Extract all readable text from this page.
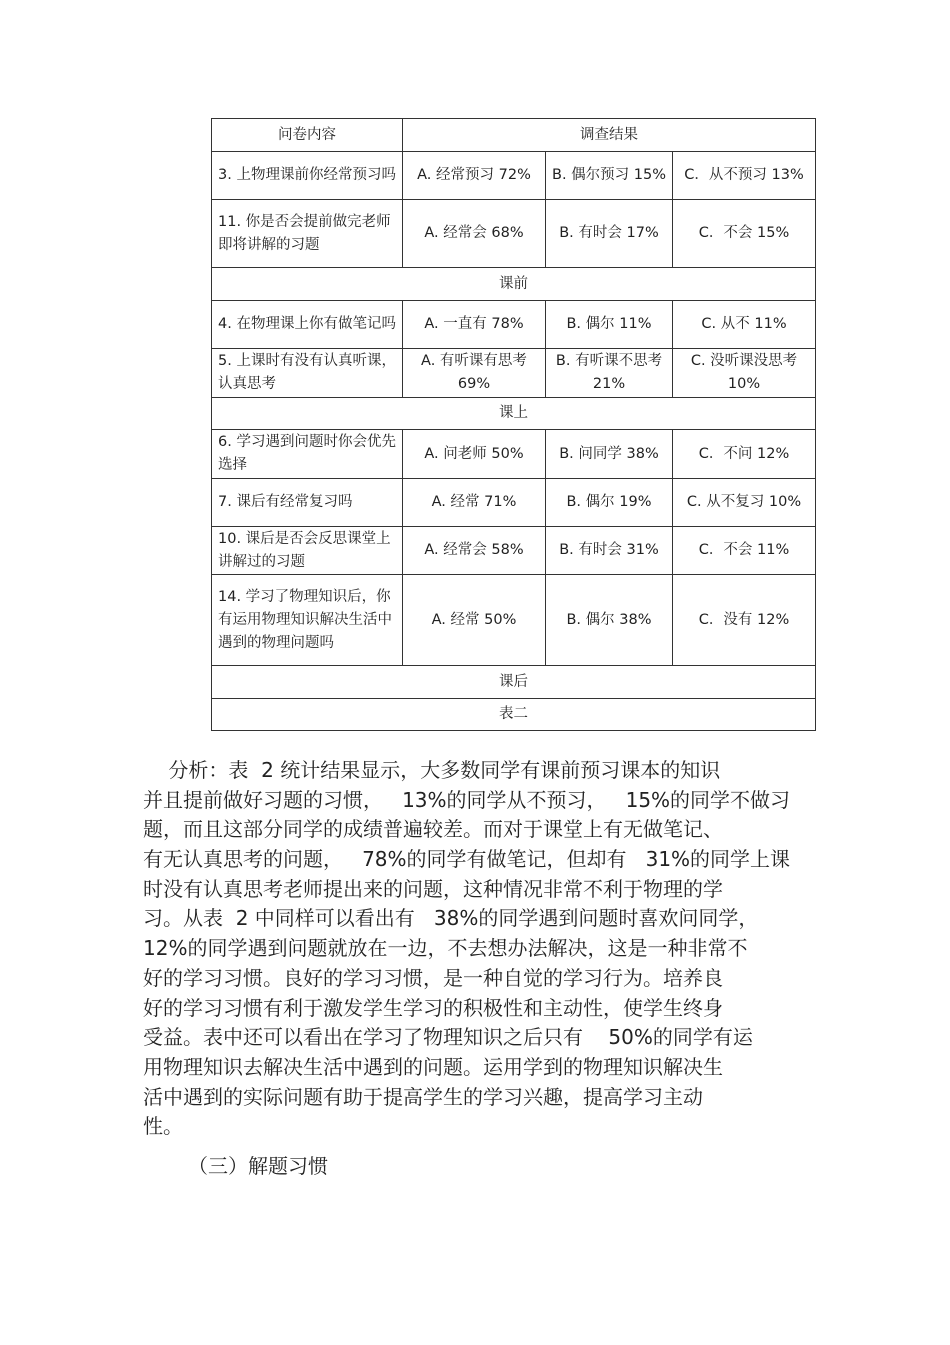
问卷内容	调查结果		
3. 上物理课前你经常预习吗	A. 经常预习 72%	B. 偶尔预习 15%	C．从不预习 13%
11. 你是否会提前做完老师即将讲解的习题	A. 经常会 68%	B. 有时会 17%	C．不会 15%
课前			
4. 在物理课上你有做笔记吗	A. 一直有 78%	B. 偶尔 11%	C. 从不 11%
5. 上课时有没有认真听课，认真思考	A. 有听课有思考 69%	B. 有听课不思考 21%	C. 没听课没思考 10%
课上			
6. 学习遇到问题时你会优先选择	A. 问老师 50%	B. 问同学 38%	C．不问 12%
7. 课后有经常复习吗	A. 经常 71%	B. 偶尔 19%	C. 从不复习 10%
10. 课后是否会反思课堂上讲解过的习题	A. 经常会 58%	B. 有时会 31%	C．不会 11%
14. 学习了物理知识后，你有运用物理知识解决生活中遇到的物理问题吗	A. 经常 50%	B. 偶尔 38%	C．没有 12%
课后			
表二			
分析：表  2 统计结果显示，大多数同学有课前预习课本的知识
并且提前做好习题的习惯，   13%的同学从不预习，   15%的同学不做习
题，而且这部分同学的成绩普遍较差。而对于课堂上有无做笔记、
有无认真思考的问题，   78%的同学有做笔记，但却有   31%的同学上课
时没有认真思考老师提出来的问题，这种情况非常不利于物理的学
习。从表  2 中同样可以看出有   38%的同学遇到问题时喜欢问同学，
12%的同学遇到问题就放在一边，不去想办法解决，这是一种非常不
好的学习习惯。良好的学习习惯，是一种自觉的学习行为。培养良
好的学习习惯有利于激发学生学习的积极性和主动性，使学生终身
受益。表中还可以看出在学习了物理知识之后只有    50%的同学有运
用物理知识去解决生活中遇到的问题。运用学到的物理知识解决生
活中遇到的实际问题有助于提高学生的学习兴趣，提高学习主动
性。
（三）解题习惯
